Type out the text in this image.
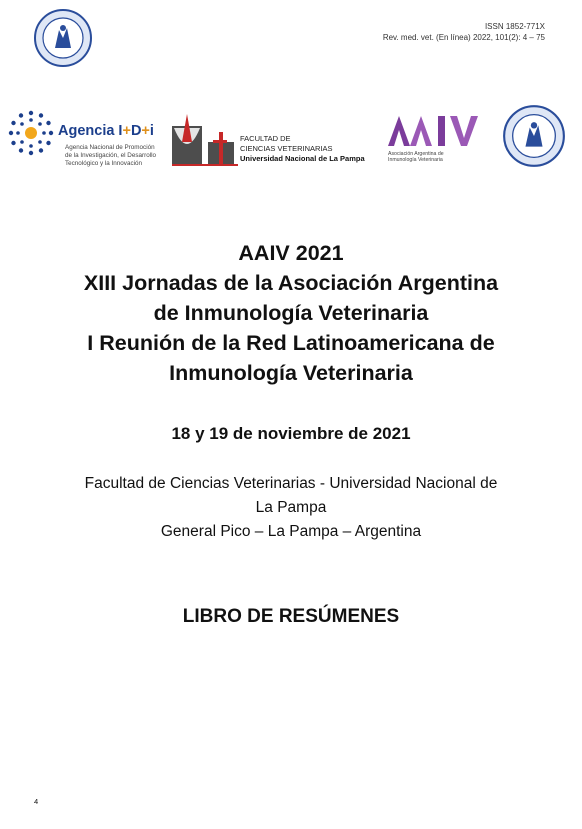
ISSN 1852-771X
Rev. med. vet. (En línea) 2022, 101(2): 4 – 75
Agencia I+D+i
Agencia Nacional de Promoción
de la Investigación, el Desarrollo
Tecnológico y la Innovación
FACULTAD DE
CIENCIAS VETERINARIAS
Universidad Nacional de La Pampa	Asociación Argentina de
Inmunología Veterinaria
AAIV 2021
XIII Jornadas de la Asociación Argentina
de Inmunología Veterinaria
I Reunión de la Red Latinoamericana de
Inmunología Veterinaria
18 y 19 de noviembre de 2021
Facultad de Ciencias Veterinarias - Universidad Nacional de
La Pampa
General Pico – La Pampa – Argentina
LIBRO DE RESÚMENES
4
